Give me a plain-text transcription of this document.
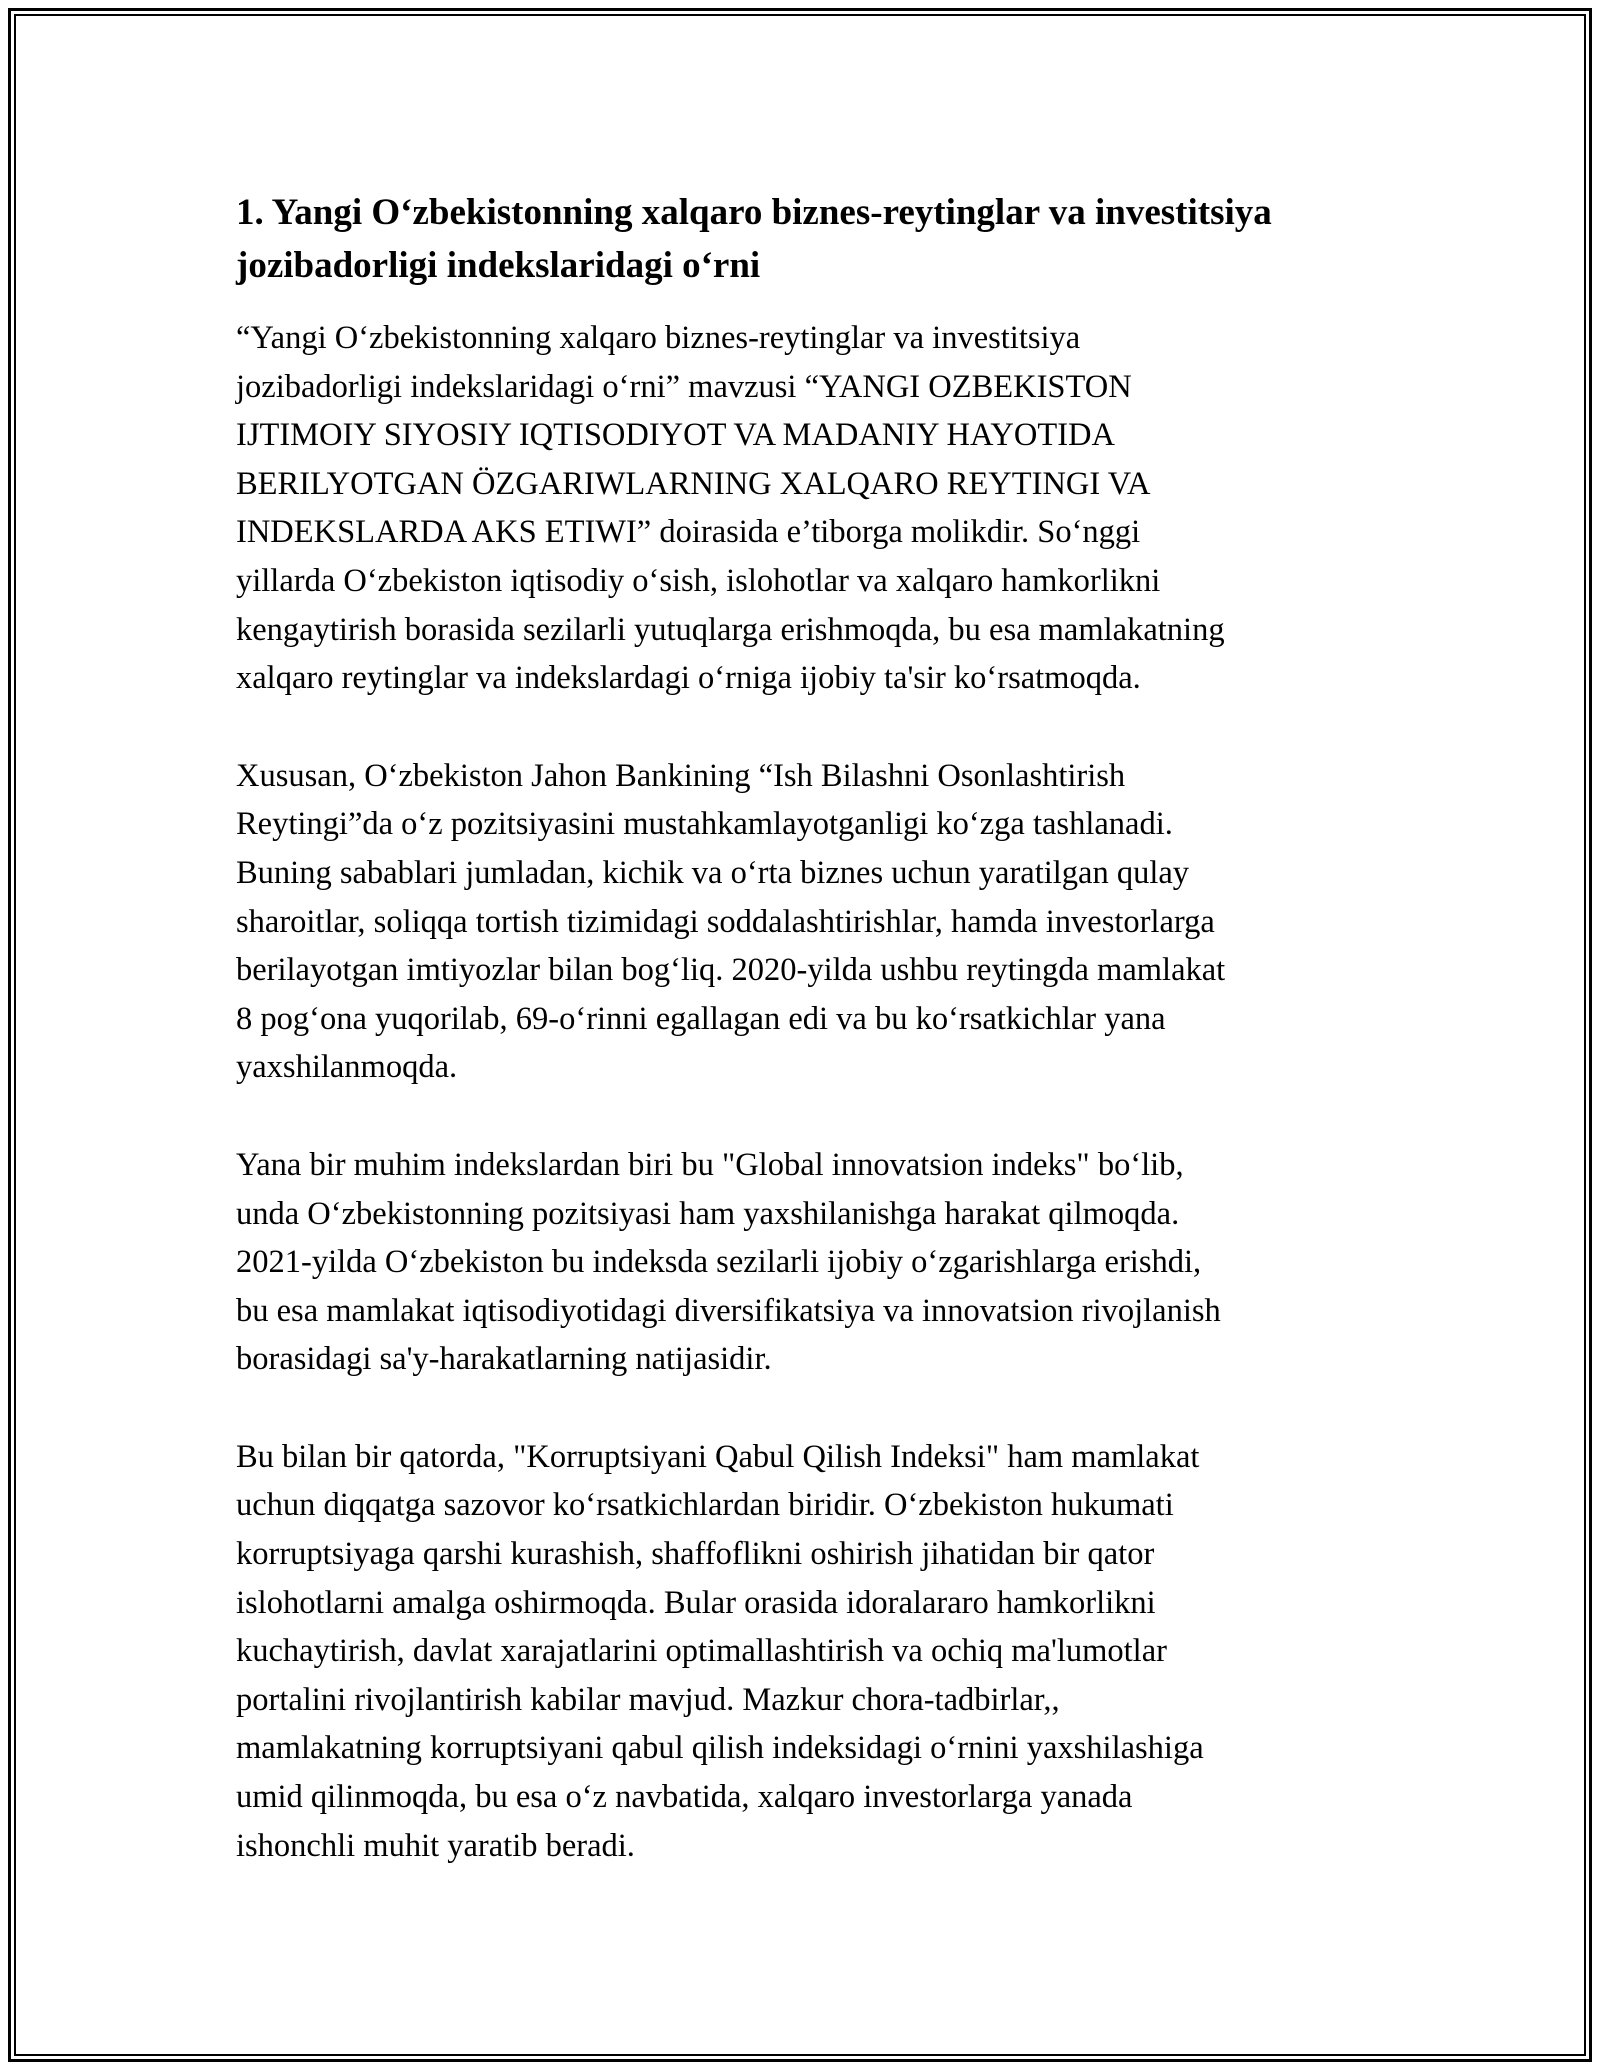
1. Yangi O‘zbekistonning xalqaro biznes-reytinglar va investitsiya jozibadorligi indekslaridagi o‘rni

“Yangi O‘zbekistonning xalqaro biznes-reytinglar va investitsiya
jozibadorligi indekslaridagi o‘rni” mavzusi “YANGI OZBEKISTON
IJTIMOIY SIYOSIY IQTISODIYOT VA MADANIY HAYOTIDA
BERILYOTGAN ÖZGARIWLARNING XALQARO REYTINGI VA
INDEKSLARDA AKS ETIWI” doirasida e’tiborga molikdir. So‘nggi
yillarda O‘zbekiston iqtisodiy o‘sish, islohotlar va xalqaro hamkorlikni
kengaytirish borasida sezilarli yutuqlarga erishmoqda, bu esa mamlakatning
xalqaro reytinglar va indekslardagi o‘rniga ijobiy ta'sir ko‘rsatmoqda.

Xususan, O‘zbekiston Jahon Bankining “Ish Bilashni Osonlashtirish
Reytingi”da o‘z pozitsiyasini mustahkamlayotganligi ko‘zga tashlanadi.
Buning sabablari jumladan, kichik va o‘rta biznes uchun yaratilgan qulay
sharoitlar, soliqqa tortish tizimidagi soddalashtirishlar, hamda investorlarga
berilayotgan imtiyozlar bilan bog‘liq. 2020-yilda ushbu reytingda mamlakat
8 pog‘ona yuqorilab, 69-o‘rinni egallagan edi va bu ko‘rsatkichlar yana
yaxshilanmoqda.

Yana bir muhim indekslardan biri bu "Global innovatsion indeks" bo‘lib,
unda O‘zbekistonning pozitsiyasi ham yaxshilanishga harakat qilmoqda.
2021-yilda O‘zbekiston bu indeksda sezilarli ijobiy o‘zgarishlarga erishdi,
bu esa mamlakat iqtisodiyotidagi diversifikatsiya va innovatsion rivojlanish
borasidagi sa'y-harakatlarning natijasidir.

Bu bilan bir qatorda, "Korruptsiyani Qabul Qilish Indeksi" ham mamlakat
uchun diqqatga sazovor ko‘rsatkichlardan biridir. O‘zbekiston hukumati
korruptsiyaga qarshi kurashish, shaffoflikni oshirish jihatidan bir qator
islohotlarni amalga oshirmoqda. Bular orasida idoralararo hamkorlikni
kuchaytirish, davlat xarajatlarini optimallashtirish va ochiq ma'lumotlar
portalini rivojlantirish kabilar mavjud. Mazkur chora-tadbirlar,,
mamlakatning korruptsiyani qabul qilish indeksidagi o‘rnini yaxshilashiga
umid qilinmoqda, bu esa o‘z navbatida, xalqaro investorlarga yanada
ishonchli muhit yaratib beradi.
